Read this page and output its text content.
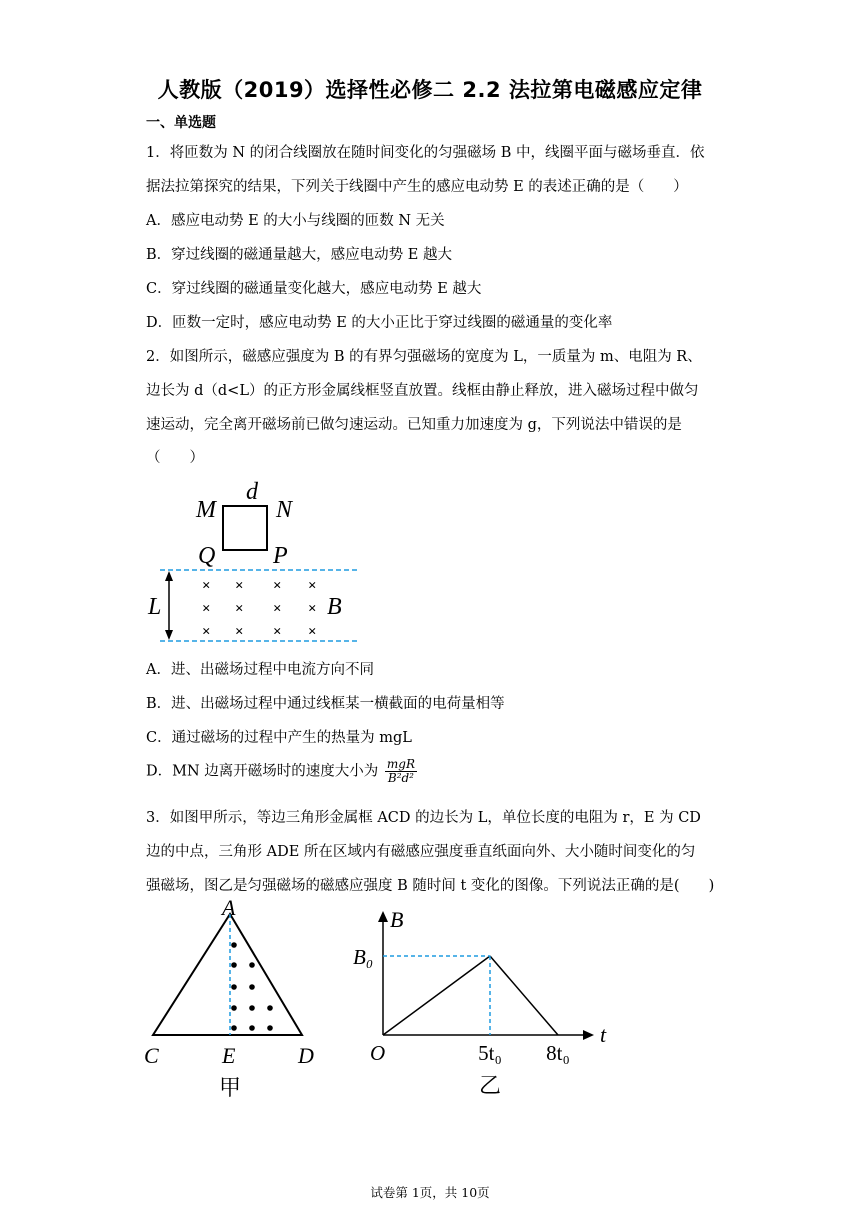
人教版（2019）选择性必修二 2.2 法拉第电磁感应定律
一、单选题
1．将匝数为 N 的闭合线圈放在随时间变化的匀强磁场 B 中，线圈平面与磁场垂直．依
据法拉第探究的结果，下列关于线圈中产生的感应电动势 E 的表述正确的是（　　）
A．感应电动势 E 的大小与线圈的匝数 N 无关
B．穿过线圈的磁通量越大，感应电动势 E 越大
C．穿过线圈的磁通量变化越大，感应电动势 E 越大
D．匝数一定时，感应电动势 E 的大小正比于穿过线圈的磁通量的变化率
2．如图所示，磁感应强度为 B 的有界匀强磁场的宽度为 L，一质量为 m、电阻为 R、
边长为 d（d<L）的正方形金属线框竖直放置。线框由静止释放，进入磁场过程中做匀
速运动，完全离开磁场前已做匀速运动。已知重力加速度为 g，下列说法中错误的是
（　　）
d
M	N
Q P
L	B
× × × ×
× × × ×
× × × ×
A．进、出磁场过程中电流方向不同
B．进、出磁场过程中通过线框某一横截面的电荷量相等
C．通过磁场的过程中产生的热量为 mgL
D．MN 边离开磁场时的速度大小为 $\frac{\text{mgR}}{\text{B²d²}}$
3．如图甲所示，等边三角形金属框 ACD 的边长为 L，单位长度的电阻为 r，E 为 CD
边的中点，三角形 ADE 所在区域内有磁感应强度垂直纸面向外、大小随时间变化的匀
强磁场，图乙是匀强磁场的磁感应强度 B 随时间 t 变化的图像。下列说法正确的是(　　)
A
C	E	D
甲
B
t
B₀
O	5t₀ 8t₀
乙
试卷第 1页，共 10页
